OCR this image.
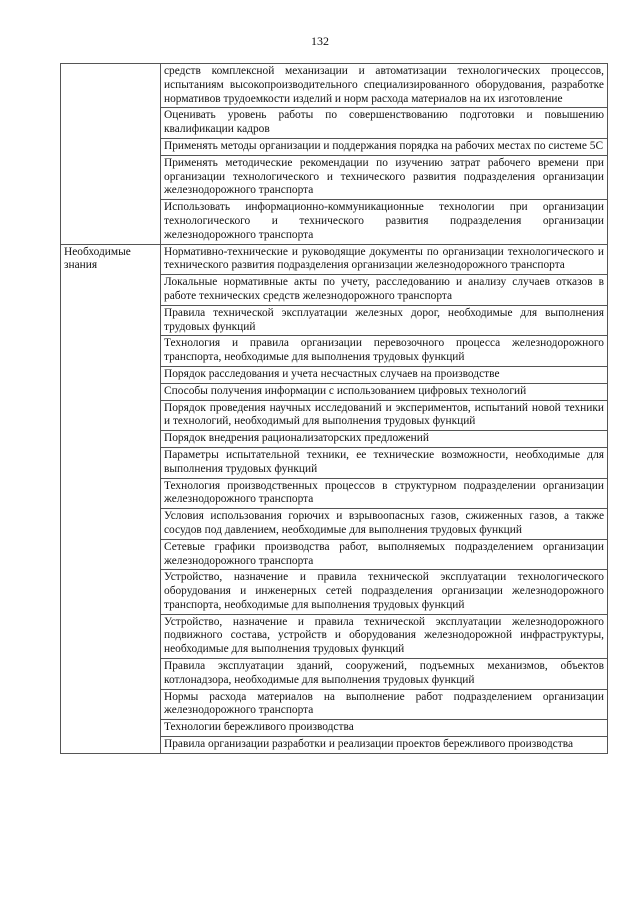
132
	средств комплексной механизации и автоматизации технологических процессов, испытаниям высокопроизводительного специализированного оборудования, разработке нормативов трудоемкости изделий и норм расхода материалов на их изготовление
	Оценивать уровень работы по совершенствованию подготовки и повышению квалификации кадров
	Применять методы организации и поддержания порядка на рабочих местах по системе 5С
	Применять методические рекомендации по изучению затрат рабочего времени при организации технологического и технического развития подразделения организации железнодорожного транспорта
	Использовать информационно-коммуникационные технологии при организации технологического и технического развития подразделения организации железнодорожного транспорта
Необходимые знания	Нормативно-технические и руководящие документы по организации технологического и технического развития подразделения организации железнодорожного транспорта
	Локальные нормативные акты по учету, расследованию и анализу случаев отказов в работе технических средств железнодорожного транспорта
	Правила технической эксплуатации железных дорог, необходимые для выполнения трудовых функций
	Технология и правила организации перевозочного процесса железнодорожного транспорта, необходимые для выполнения трудовых функций
	Порядок расследования и учета несчастных случаев на производстве
	Способы получения информации с использованием цифровых технологий
	Порядок проведения научных исследований и экспериментов, испытаний новой техники и технологий, необходимый для выполнения трудовых функций
	Порядок внедрения рационализаторских предложений
	Параметры испытательной техники, ее технические возможности, необходимые для выполнения трудовых функций
	Технология производственных процессов в структурном подразделении организации железнодорожного транспорта
	Условия использования горючих и взрывоопасных газов, сжиженных газов, а также сосудов под давлением, необходимые для выполнения трудовых функций
	Сетевые графики производства работ, выполняемых подразделением организации железнодорожного транспорта
	Устройство, назначение и правила технической эксплуатации технологического оборудования и инженерных сетей подразделения организации железнодорожного транспорта, необходимые для выполнения трудовых функций
	Устройство, назначение и правила технической эксплуатации железнодорожного подвижного состава, устройств и оборудования железнодорожной инфраструктуры, необходимые для выполнения трудовых функций
	Правила эксплуатации зданий, сооружений, подъемных механизмов, объектов котлонадзора, необходимые для выполнения трудовых функций
	Нормы расхода материалов на выполнение работ подразделением организации железнодорожного транспорта
	Технологии бережливого производства
	Правила организации разработки и реализации проектов бережливого производства
